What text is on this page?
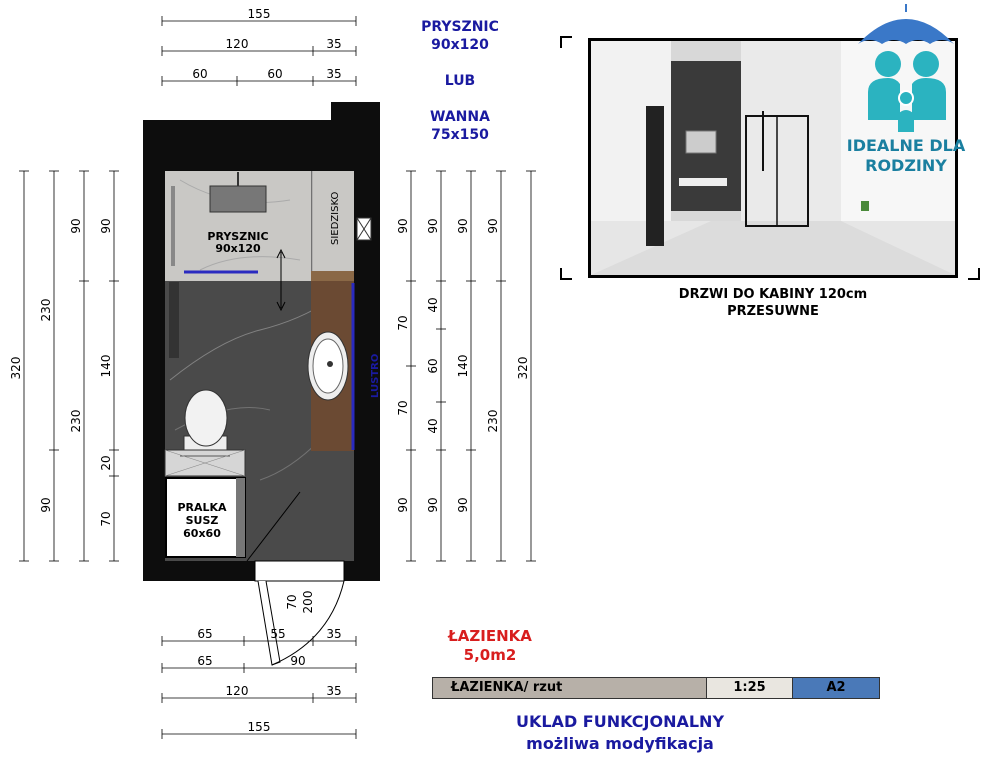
155
120	35
60	60	35
320
230
90
90
230
90
140
20
70
90
70
70
90
90
40
60
40
90
90
140
90
90
230
320
PRYSZNIC
90x120
SIEDZISKO
LUSTRO
PRALKA
SUSZ
60x60
70 200
65	55	35
65	90
120	35
155
PRYSZNIC
90x120
LUB
WANNA
75x150
DRZWI DO KABINY 120cm
PRZESUWNE
IDEALNE DLA
RODZINY
ŁAZIENKA
5,0m2
ŁAZIENKA/ rzut	1:25	A2
UKLAD FUNKCJONALNY
możliwa modyfikacja
